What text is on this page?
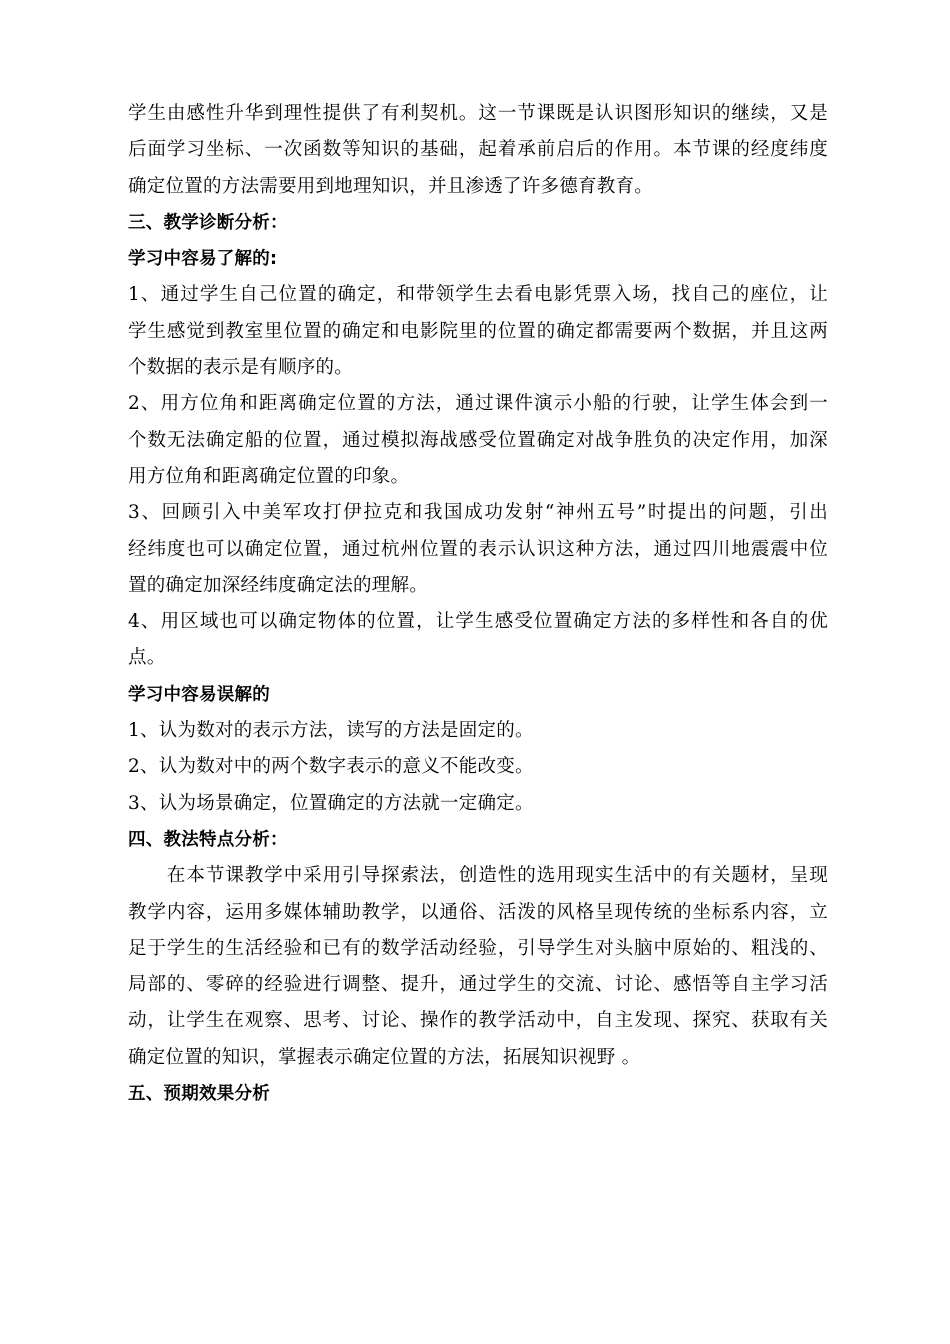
学生由感性升华到理性提供了有利契机。这一节课既是认识图形知识的继续，又是
后面学习坐标、一次函数等知识的基础，起着承前启后的作用。本节课的经度纬度
确定位置的方法需要用到地理知识，并且渗透了许多德育教育。
三、教学诊断分析：
学习中容易了解的:
1、通过学生自己位置的确定，和带领学生去看电影凭票入场，找自己的座位，让
学生感觉到教室里位置的确定和电影院里的位置的确定都需要两个数据，并且这两
个数据的表示是有顺序的。
2、用方位角和距离确定位置的方法，通过课件演示小船的行驶，让学生体会到一
个数无法确定船的位置，通过模拟海战感受位置确定对战争胜负的决定作用，加深
用方位角和距离确定位置的印象。
3、回顾引入中美军攻打伊拉克和我国成功发射“神州五号”时提出的问题，引出
经纬度也可以确定位置，通过杭州位置的表示认识这种方法，通过四川地震震中位
置的确定加深经纬度确定法的理解。
4、用区域也可以确定物体的位置，让学生感受位置确定方法的多样性和各自的优
点。
学习中容易误解的
1、认为数对的表示方法，读写的方法是固定的。
2、认为数对中的两个数字表示的意义不能改变。
3、认为场景确定，位置确定的方法就一定确定。
四、教法特点分析：
　　在本节课教学中采用引导探索法，创造性的选用现实生活中的有关题材，呈现
教学内容，运用多媒体辅助教学，以通俗、活泼的风格呈现传统的坐标系内容，立
足于学生的生活经验和已有的数学活动经验，引导学生对头脑中原始的、粗浅的、
局部的、零碎的经验进行调整、提升，通过学生的交流、讨论、感悟等自主学习活
动，让学生在观察、思考、讨论、操作的教学活动中，自主发现、探究、获取有关
确定位置的知识，掌握表示确定位置的方法，拓展知识视野 。
五、预期效果分析
